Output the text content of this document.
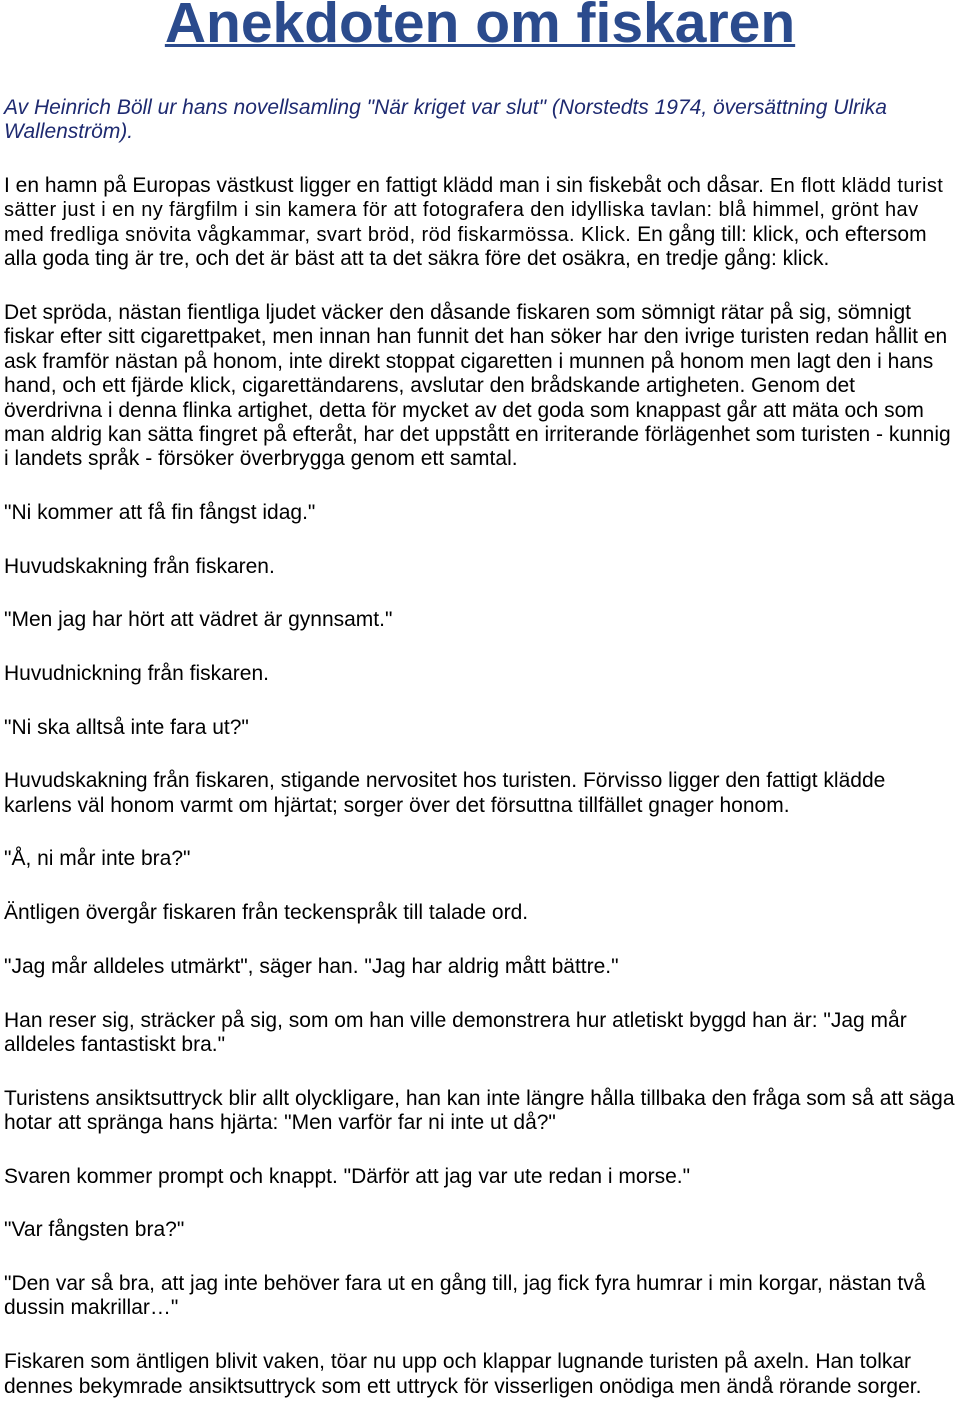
Anekdoten om fiskaren
Av Heinrich Böll ur hans novellsamling "När kriget var slut" (Norstedts 1974, översättning Ulrika
Wallenström).
I en hamn på Europas västkust ligger en fattigt klädd man i sin fiskebåt och dåsar. En flott klädd turist
sätter just i en ny färgfilm i sin kamera för att fotografera den idylliska tavlan: blå himmel, grönt hav
med fredliga snövita vågkammar, svart bröd, röd fiskarmössa. Klick. En gång till: klick, och eftersom
alla goda ting är tre, och det är bäst att ta det säkra före det osäkra, en tredje gång: klick.
Det spröda, nästan fientliga ljudet väcker den dåsande fiskaren som sömnigt rätar på sig, sömnigt
fiskar efter sitt cigarettpaket, men innan han funnit det han söker har den ivrige turisten redan hållit en
ask framför nästan på honom, inte direkt stoppat cigaretten i munnen på honom men lagt den i hans
hand, och ett fjärde klick, cigarettändarens, avslutar den brådskande artigheten. Genom det
överdrivna i denna flinka artighet, detta för mycket av det goda som knappast går att mäta och som
man aldrig kan sätta fingret på efteråt, har det uppstått en irriterande förlägenhet som turisten - kunnig
i landets språk - försöker överbrygga genom ett samtal.
"Ni kommer att få fin fångst idag."
Huvudskakning från fiskaren.
"Men jag har hört att vädret är gynnsamt."
Huvudnickning från fiskaren.
"Ni ska alltså inte fara ut?"
Huvudskakning från fiskaren, stigande nervositet hos turisten. Förvisso ligger den fattigt klädde
karlens väl honom varmt om hjärtat; sorger över det försuttna tillfället gnager honom.
"Å, ni mår inte bra?"
Äntligen övergår fiskaren från teckenspråk till talade ord.
"Jag mår alldeles utmärkt", säger han. "Jag har aldrig mått bättre."
Han reser sig, sträcker på sig, som om han ville demonstrera hur atletiskt byggd han är: "Jag mår
alldeles fantastiskt bra."
Turistens ansiktsuttryck blir allt olyckligare, han kan inte längre hålla tillbaka den fråga som så att säga
hotar att spränga hans hjärta: "Men varför far ni inte ut då?"
Svaren kommer prompt och knappt. "Därför att jag var ute redan i morse."
"Var fångsten bra?"
"Den var så bra, att jag inte behöver fara ut en gång till, jag fick fyra humrar i min korgar, nästan två
dussin makrillar…"
Fiskaren som äntligen blivit vaken, töar nu upp och klappar lugnande turisten på axeln. Han tolkar
dennes bekymrade ansiktsuttryck som ett uttryck för visserligen onödiga men ändå rörande sorger.
